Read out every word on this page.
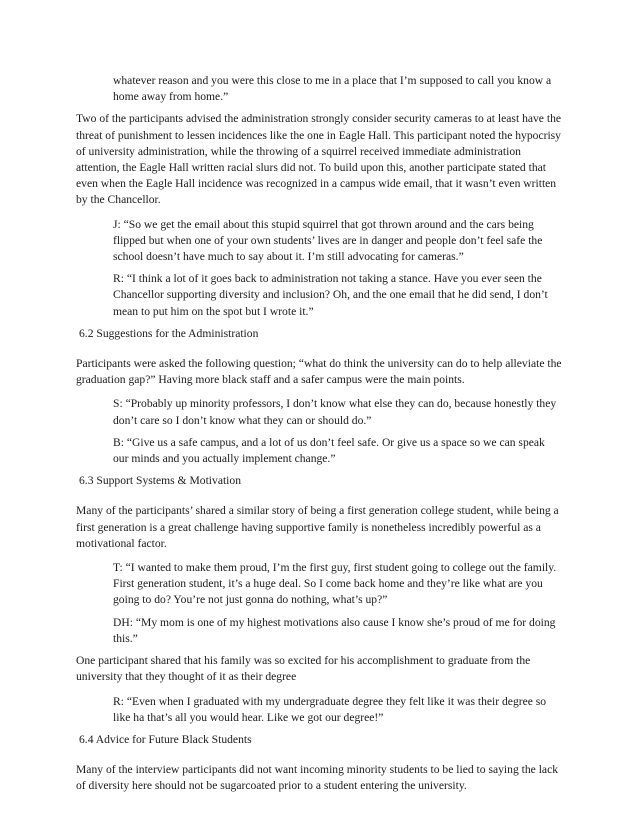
whatever reason and you were this close to me in a place that I’m supposed to call you know a home away from home.”

Two of the participants advised the administration strongly consider security cameras to at least have the threat of punishment to lessen incidences like the one in Eagle Hall. This participant noted the hypocrisy of university administration, while the throwing of a squirrel received immediate administration attention, the Eagle Hall written racial slurs did not. To build upon this, another participate stated that even when the Eagle Hall incidence was recognized in a campus wide email, that it wasn’t even written by the Chancellor.

J: “So we get the email about this stupid squirrel that got thrown around and the cars being flipped but when one of your own students’ lives are in danger and people don’t feel safe the school doesn’t have much to say about it. I’m still advocating for cameras.”

R: “I think a lot of it goes back to administration not taking a stance. Have you ever seen the Chancellor supporting diversity and inclusion? Oh, and the one email that he did send, I don’t mean to put him on the spot but I wrote it.”

6.2 Suggestions for the Administration

Participants were asked the following question; “what do think the university can do to help alleviate the graduation gap?” Having more black staff and a safer campus were the main points.

S: “Probably up minority professors, I don’t know what else they can do, because honestly they don’t care so I don’t know what they can or should do.”

B: “Give us a safe campus, and a lot of us don’t feel safe. Or give us a space so we can speak our minds and you actually implement change.”

6.3 Support Systems & Motivation

Many of the participants’ shared a similar story of being a first generation college student, while being a first generation is a great challenge having supportive family is nonetheless incredibly powerful as a motivational factor.

T: “I wanted to make them proud, I’m the first guy, first student going to college out the family. First generation student, it’s a huge deal. So I come back home and they’re like what are you going to do? You’re not just gonna do nothing, what’s up?”

DH: “My mom is one of my highest motivations also cause I know she’s proud of me for doing this.”

One participant shared that his family was so excited for his accomplishment to graduate from the university that they thought of it as their degree

R: “Even when I graduated with my undergraduate degree they felt like it was their degree so like ha that’s all you would hear. Like we got our degree!”

6.4 Advice for Future Black Students

Many of the interview participants did not want incoming minority students to be lied to saying the lack of diversity here should not be sugarcoated prior to a student entering the university.
